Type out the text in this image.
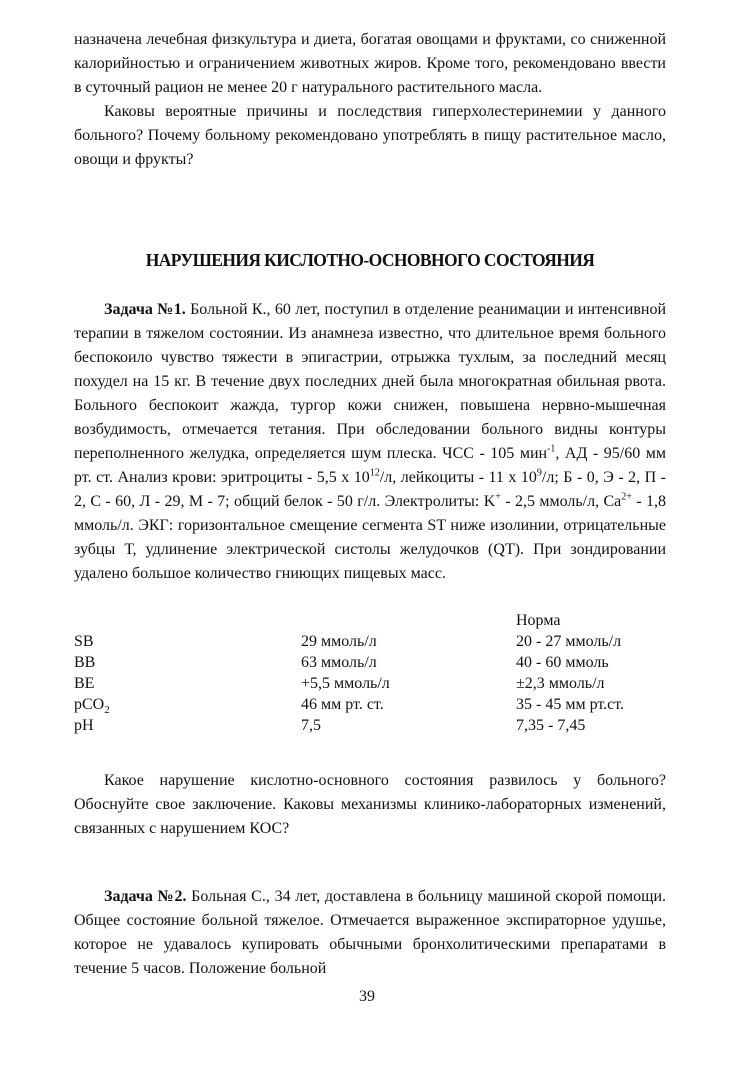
назначена лечебная физкультура и диета, богатая овощами и фруктами, со сниженной калорийностью и ограничением животных жиров. Кроме того, рекомендовано ввести в суточный рацион не менее 20 г натурального растительного масла.

Каковы вероятные причины и последствия гиперхолестеринемии у данного больного? Почему больному рекомендовано употреблять в пищу растительное масло, овощи и фрукты?

НАРУШЕНИЯ КИСЛОТНО-ОСНОВНОГО СОСТОЯНИЯ

Задача №1. Больной К., 60 лет, поступил в отделение реанимации и интенсивной терапии в тяжелом состоянии. Из анамнеза известно, что длительное время больного беспокоило чувство тяжести в эпигастрии, отрыжка тухлым, за последний месяц похудел на 15 кг. В течение двух последних дней была многократная обильная рвота. Больного беспокоит жажда, тургор кожи снижен, повышена нервно-мышечная возбудимость, отмечается тетания. При обследовании больного видны контуры переполненного желудка, определяется шум плеска. ЧСС - 105 мин$^{-1}$, АД - 95/60 мм рт. ст. Анализ крови: эритроциты - 5,5 х $10^{12}/л$, лейкоциты - 11 х $10^9/л$; Б - 0, Э - 2, П - 2, С - 60, Л - 29, М - 7; общий белок - 50 г/л. Электролиты: K+ - 2,5 ммоль/л, $Ca^{2+} - 1,8$ ммоль/л. ЭКГ: горизонтальное смещение сегмента ST ниже изолинии, отрицательные зубцы Т, удлинение электрической систолы желудочков (QT). При зондировании удалено большое количество гниющих пищевых масс.

		Норма
SB	29 ммоль/л	20 - 27 ммоль/л
BB	63 ммоль/л	40 - 60 ммоль
BE	+5,5 ммоль/л	±2,3 ммоль/л
pCO$_2$	46 мм рт. ст.	35 - 45 мм рт.ст.
pH	7,5	7,35 - 7,45

Какое нарушение кислотно-основного состояния развилось у больного? Обоснуйте свое заключение. Каковы механизмы клинико-лабораторных изменений, связанных с нарушением КОС?

Задача №2. Больная С., 34 лет, доставлена в больницу машиной скорой помощи. Общее состояние больной тяжелое. Отмечается выраженное экспираторное удушье, которое не удавалось купировать обычными бронхолитическими препаратами в течение 5 часов. Положение больной

39
